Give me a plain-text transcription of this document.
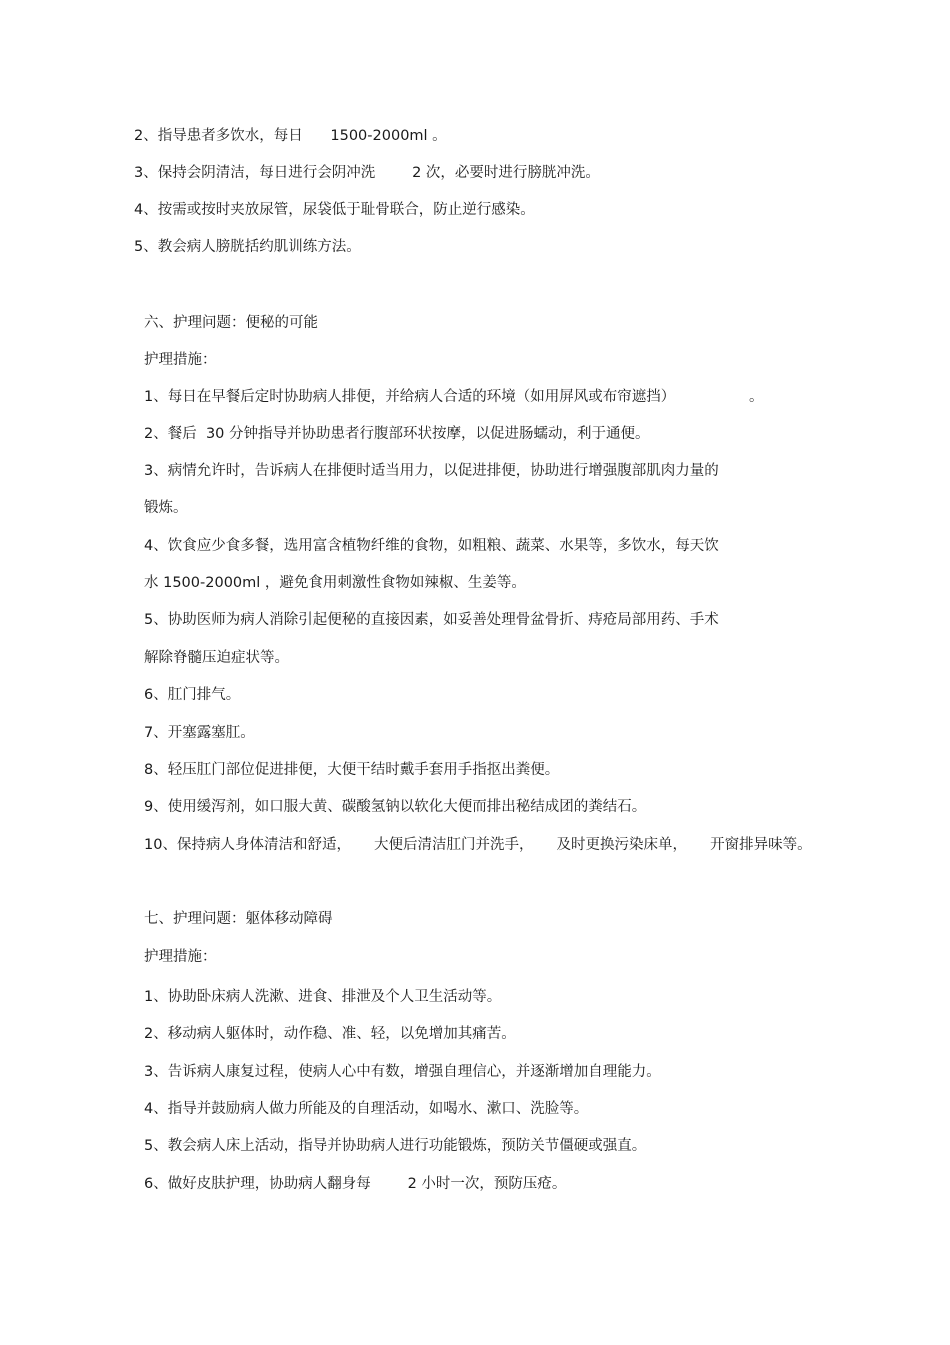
2、指导患者多饮水，每日      1500-2000ml 。
3、保持会阴清洁，每日进行会阴冲洗        2 次，必要时进行膀胱冲洗。
4、按需或按时夹放尿管，尿袋低于耻骨联合，防止逆行感染。
5、教会病人膀胱括约肌训练方法。
六、护理问题：便秘的可能
护理措施：
1、每日在早餐后定时协助病人排便，并给病人合适的环境（如用屏风或布帘遮挡）                。
2、餐后  30 分钟指导并协助患者行腹部环状按摩，以促进肠蠕动，利于通便。
3、病情允许时，告诉病人在排便时适当用力，以促进排便，协助进行增强腹部肌肉力量的
锻炼。
4、饮食应少食多餐，选用富含植物纤维的食物，如粗粮、蔬菜、水果等，多饮水，每天饮
水 1500-2000ml ，避免食用刺激性食物如辣椒、生姜等。
5、协助医师为病人消除引起便秘的直接因素，如妥善处理骨盆骨折、痔疮局部用药、手术
解除脊髓压迫症状等。
6、肛门排气。
7、开塞露塞肛。
8、轻压肛门部位促进排便，大便干结时戴手套用手指抠出粪便。
9、使用缓泻剂，如口服大黄、碳酸氢钠以软化大便而排出秘结成团的粪结石。
10、保持病人身体清洁和舒适，     大便后清洁肛门并洗手，     及时更换污染床单，     开窗排异味等。
七、护理问题：躯体移动障碍
护理措施：
1、协助卧床病人洗漱、进食、排泄及个人卫生活动等。
2、移动病人躯体时，动作稳、准、轻，以免增加其痛苦。
3、告诉病人康复过程，使病人心中有数，增强自理信心，并逐渐增加自理能力。
4、指导并鼓励病人做力所能及的自理活动，如喝水、漱口、洗脸等。
5、教会病人床上活动，指导并协助病人进行功能锻炼，预防关节僵硬或强直。
6、做好皮肤护理，协助病人翻身每        2 小时一次，预防压疮。
